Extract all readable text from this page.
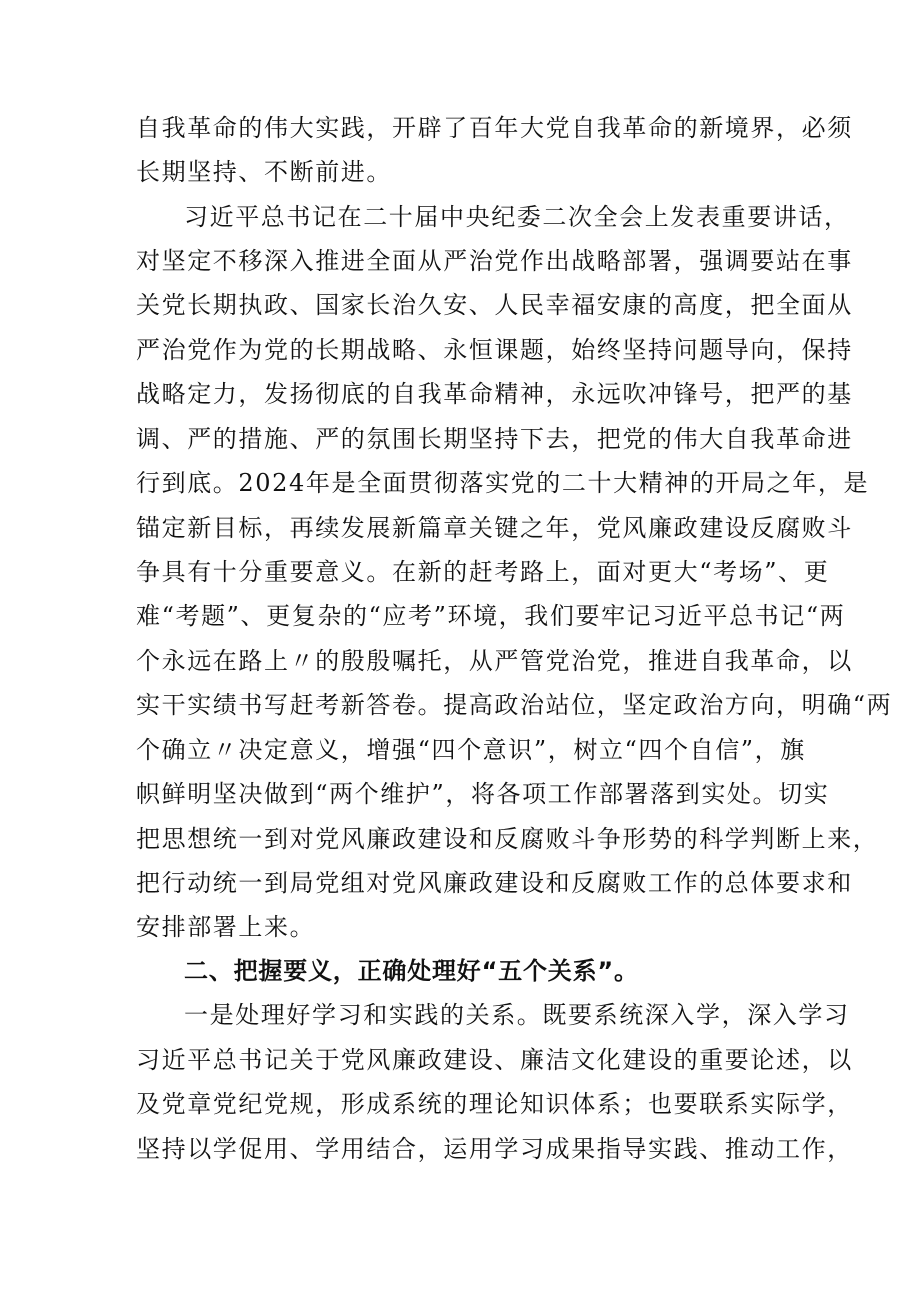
自我革命的伟大实践，开辟了百年大党自我革命的新境界，必须
长期坚持、不断前进。
习近平总书记在二十届中央纪委二次全会上发表重要讲话，
对坚定不移深入推进全面从严治党作出战略部署，强调要站在事
关党长期执政、国家长治久安、人民幸福安康的高度，把全面从
严治党作为党的长期战略、永恒课题，始终坚持问题导向，保持
战略定力，发扬彻底的自我革命精神，永远吹冲锋号，把严的基
调、严的措施、严的氛围长期坚持下去，把党的伟大自我革命进
行到底。2024年是全面贯彻落实党的二十大精神的开局之年，是
锚定新目标，再续发展新篇章关键之年，党风廉政建设反腐败斗
争具有十分重要意义。在新的赶考路上，面对更大“考场”、更
难“考题”、更复杂的“应考”环境，我们要牢记习近平总书记“两
个永远在路上〃的殷殷嘱托，从严管党治党，推进自我革命，以
实干实绩书写赶考新答卷。提高政治站位，坚定政治方向，明确“两
个确立〃决定意义，增强“四个意识”，树立“四个自信”，旗
帜鲜明坚决做到“两个维护”，将各项工作部署落到实处。切实
把思想统一到对党风廉政建设和反腐败斗争形势的科学判断上来，
把行动统一到局党组对党风廉政建设和反腐败工作的总体要求和
安排部署上来。
二、把握要义，正确处理好“五个关系”。
一是处理好学习和实践的关系。既要系统深入学，深入学习
习近平总书记关于党风廉政建设、廉洁文化建设的重要论述，以
及党章党纪党规，形成系统的理论知识体系；也要联系实际学，
坚持以学促用、学用结合，运用学习成果指导实践、推动工作，
